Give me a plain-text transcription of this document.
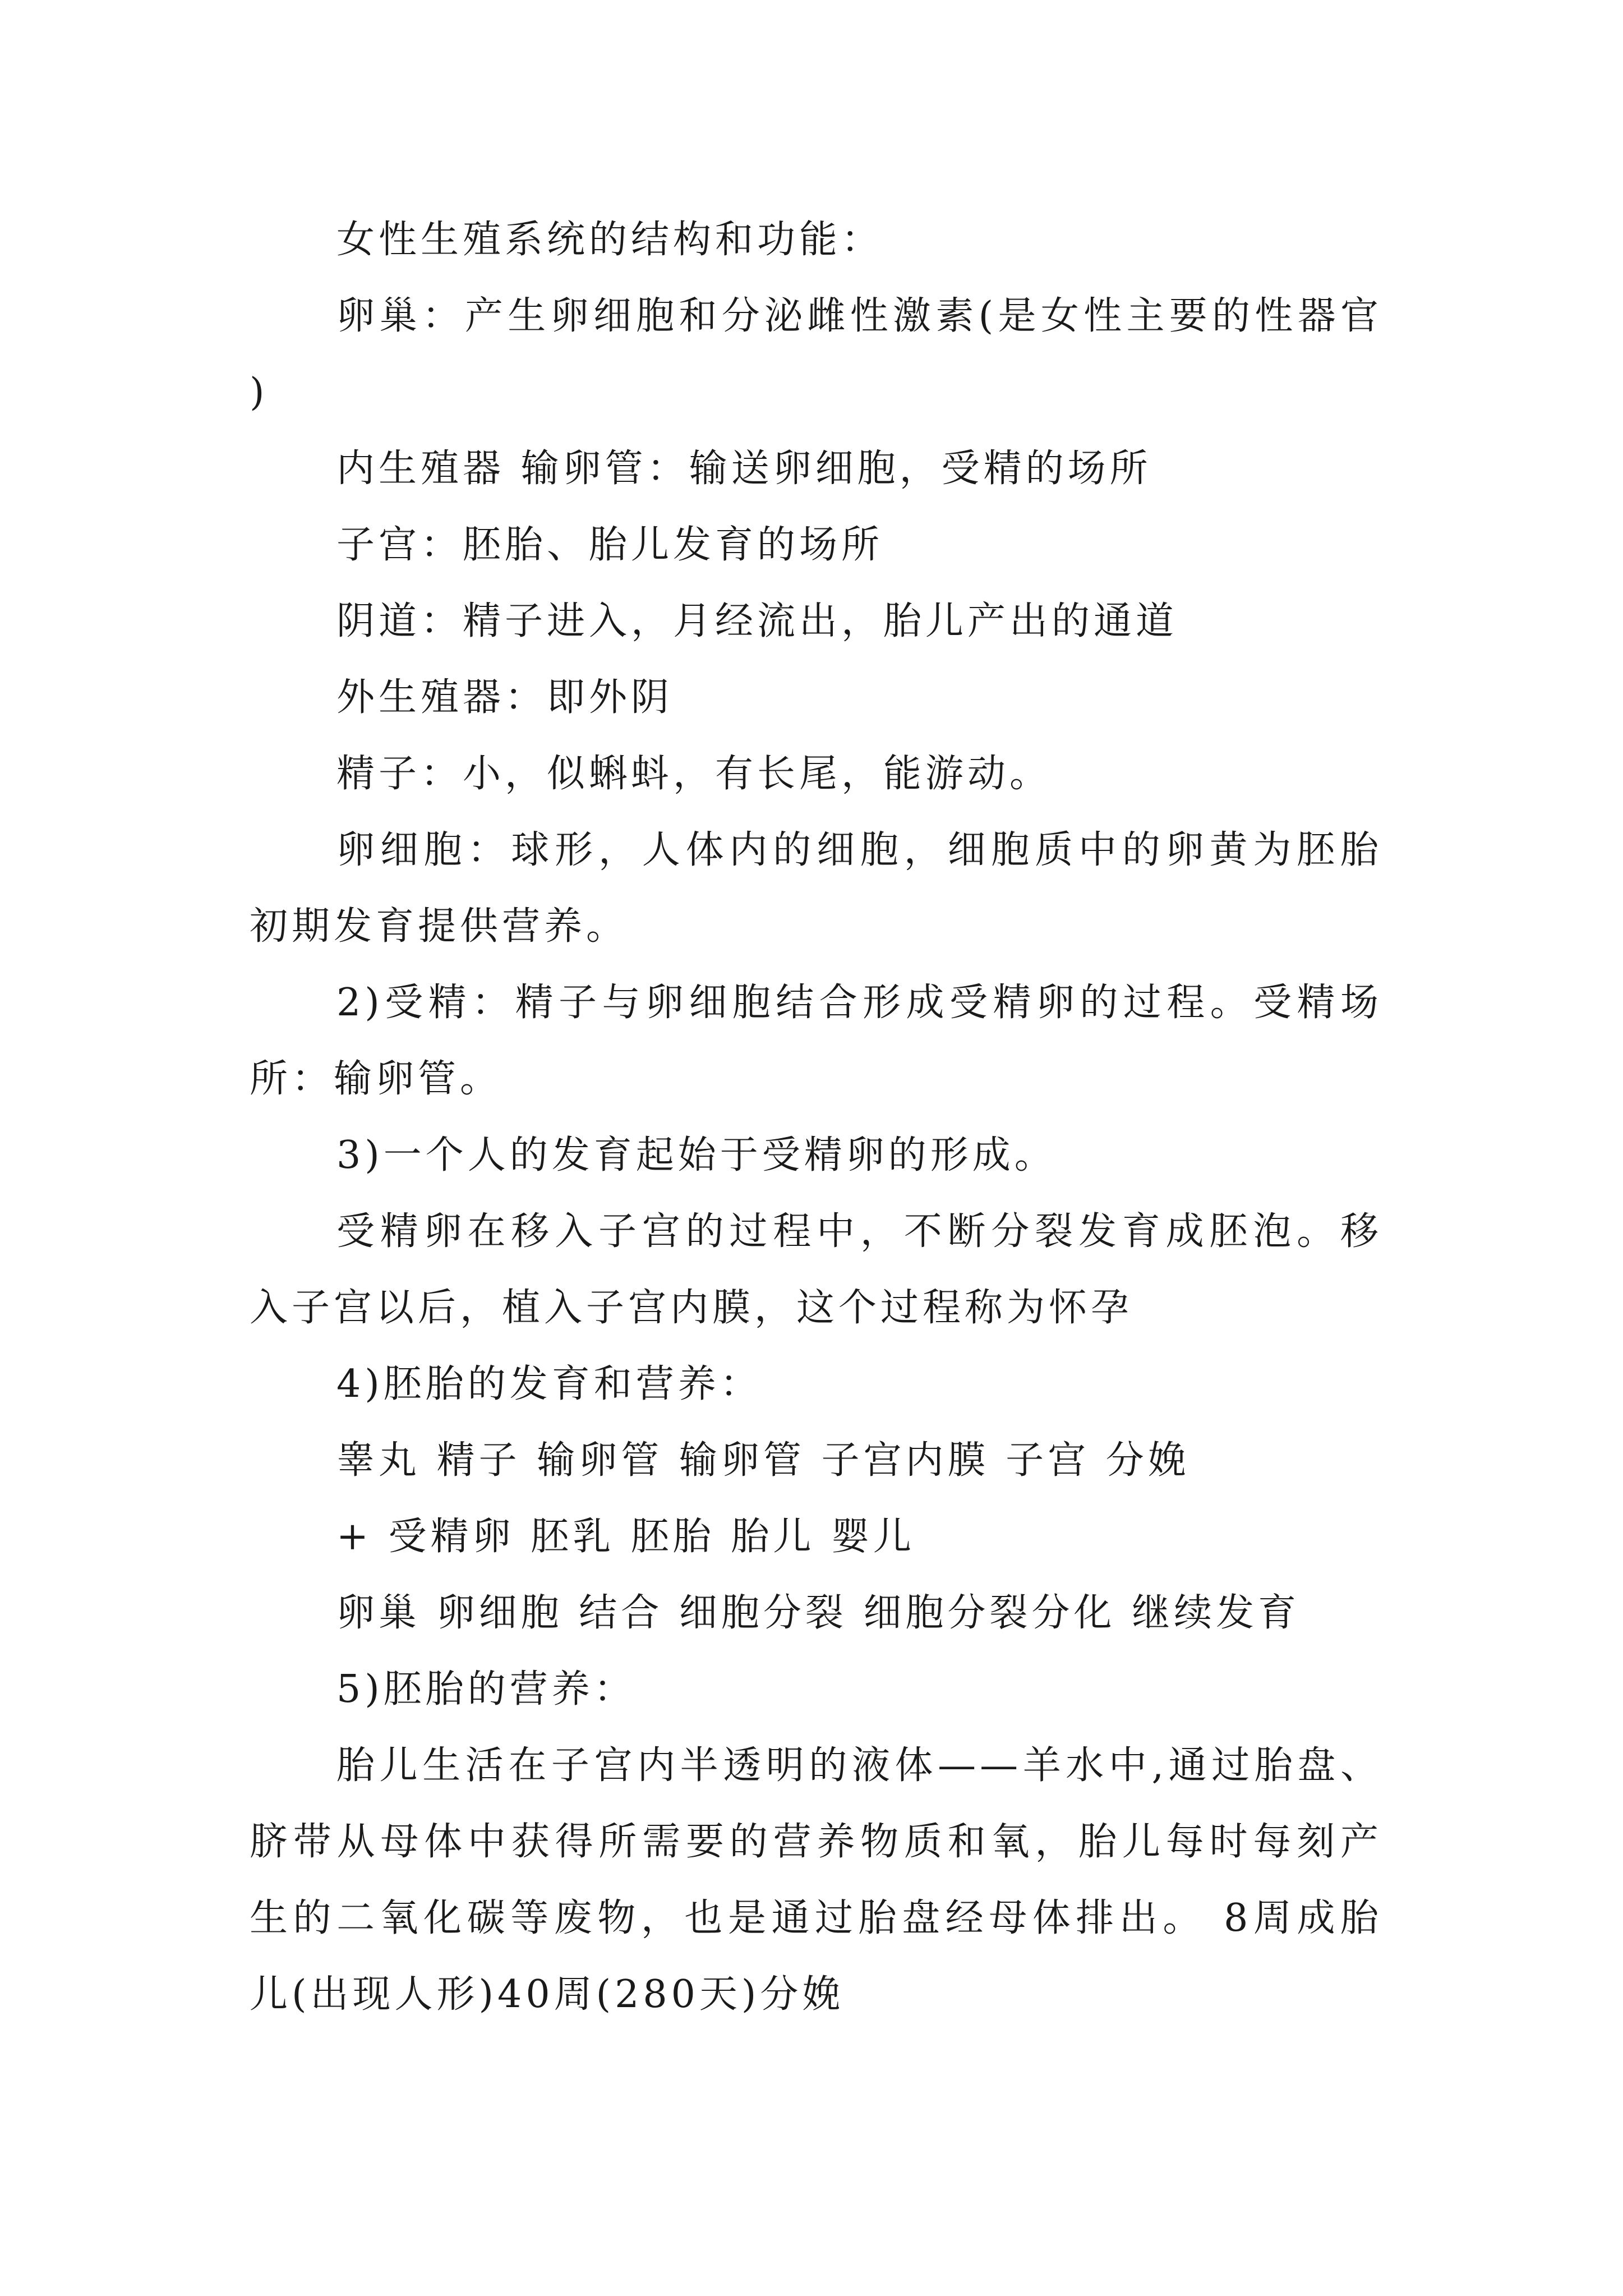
女性生殖系统的结构和功能：

卵巢：产生卵细胞和分泌雌性激素(是女性主要的性器官)

内生殖器 输卵管：输送卵细胞，受精的场所

子宫：胚胎、胎儿发育的场所

阴道：精子进入，月经流出，胎儿产出的通道

外生殖器：即外阴

精子：小，似蝌蚪，有长尾，能游动。

卵细胞：球形，人体内的细胞，细胞质中的卵黄为胚胎初期发育提供营养。

2)受精：精子与卵细胞结合形成受精卵的过程。受精场所：输卵管。

3)一个人的发育起始于受精卵的形成。

受精卵在移入子宫的过程中，不断分裂发育成胚泡。移入子宫以后，植入子宫内膜，这个过程称为怀孕

4)胚胎的发育和营养：

睾丸 精子 输卵管 输卵管 子宫内膜 子宫 分娩

+ 受精卵 胚乳 胚胎 胎儿 婴儿

卵巢 卵细胞 结合 细胞分裂 细胞分裂分化 继续发育

5)胚胎的营养：

胎儿生活在子宫内半透明的液体——羊水中,通过胎盘、脐带从母体中获得所需要的营养物质和氧，胎儿每时每刻产生的二氧化碳等废物，也是通过胎盘经母体排出。 8周成胎儿(出现人形)40周(280天)分娩
